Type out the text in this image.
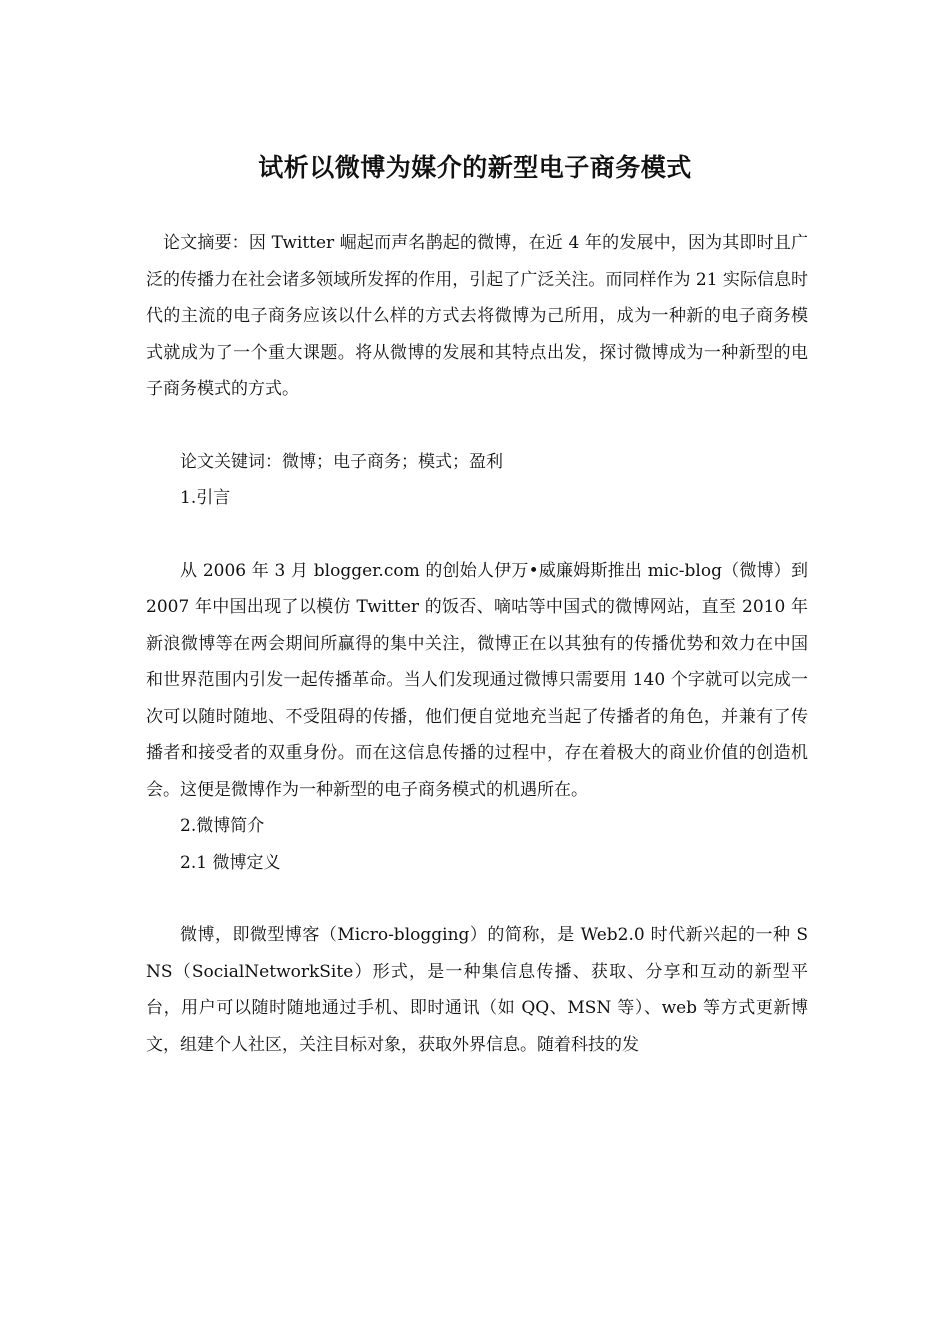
试析以微博为媒介的新型电子商务模式

论文摘要：因 Twitter 崛起而声名鹊起的微博，在近 4 年的发展中，因为其即时且广泛的传播力在社会诸多领域所发挥的作用，引起了广泛关注。而同样作为 21 实际信息时代的主流的电子商务应该以什么样的方式去将微博为己所用，成为一种新的电子商务模式就成为了一个重大课题。将从微博的发展和其特点出发，探讨微博成为一种新型的电子商务模式的方式。

论文关键词：微博；电子商务；模式；盈利

1.引言

从 2006 年 3 月 blogger.com 的创始人伊万•威廉姆斯推出 mic-blog（微博）到 2007 年中国出现了以模仿 Twitter 的饭否、嘀咕等中国式的微博网站，直至 2010 年新浪微博等在两会期间所赢得的集中关注，微博正在以其独有的传播优势和效力在中国和世界范围内引发一起传播革命。当人们发现通过微博只需要用 140 个字就可以完成一次可以随时随地、不受阻碍的传播，他们便自觉地充当起了传播者的角色，并兼有了传播者和接受者的双重身份。而在这信息传播的过程中，存在着极大的商业价值的创造机会。这便是微博作为一种新型的电子商务模式的机遇所在。

2.微博简介

2.1 微博定义

微博，即微型博客（Micro-blogging）的简称，是 Web2.0 时代新兴起的一种 SNS（SocialNetworkSite）形式，是一种集信息传播、获取、分享和互动的新型平台，用户可以随时随地通过手机、即时通讯（如 QQ、MSN 等）、web 等方式更新博文，组建个人社区，关注目标对象，获取外界信息。随着科技的发
